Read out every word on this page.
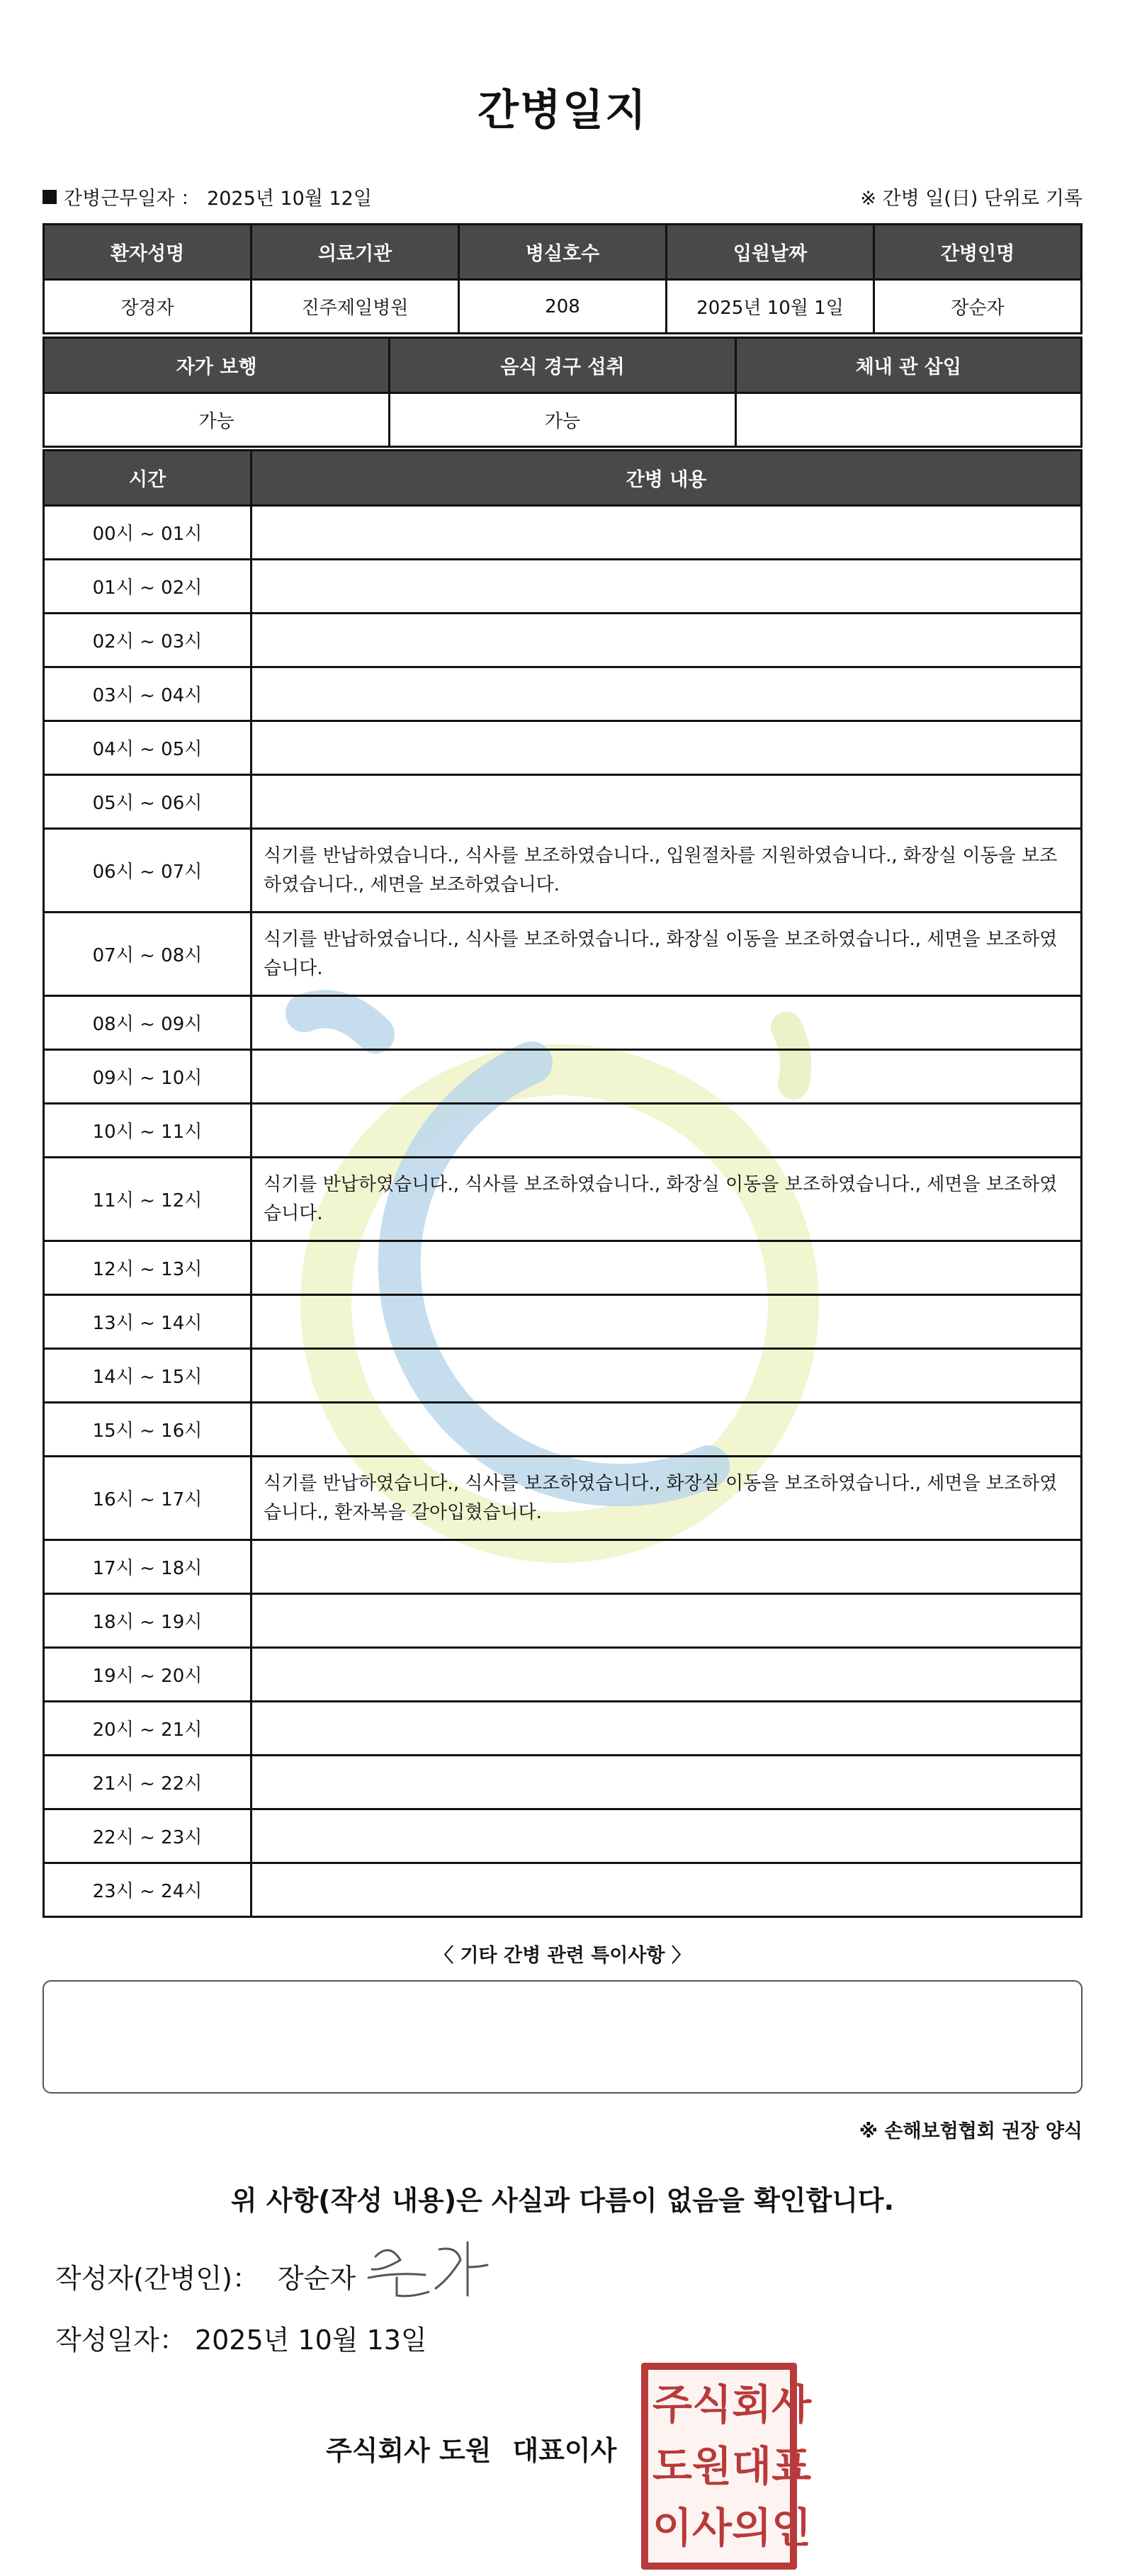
간병일지
간병근무일자 ： 2025년 10월 12일	※ 간병 일(日) 단위로 기록
환자성명	의료기관	병실호수	입원날짜	간병인명
장경자	진주제일병원	208	2025년 10월 1일	장순자
자가 보행	음식 경구 섭취	체내 관 삽입
가능	가능	
시간	간병 내용
00시 ~ 01시	
01시 ~ 02시	
02시 ~ 03시	
03시 ~ 04시	
04시 ~ 05시	
05시 ~ 06시	
06시 ~ 07시	식기를 반납하였습니다., 식사를 보조하였습니다., 입원절차를 지원하였습니다., 화장실 이동을 보조하였습니다., 세면을 보조하였습니다.
07시 ~ 08시	식기를 반납하였습니다., 식사를 보조하였습니다., 화장실 이동을 보조하였습니다., 세면을 보조하였습니다.
08시 ~ 09시	
09시 ~ 10시	
10시 ~ 11시	
11시 ~ 12시	식기를 반납하였습니다., 식사를 보조하였습니다., 화장실 이동을 보조하였습니다., 세면을 보조하였습니다.
12시 ~ 13시	
13시 ~ 14시	
14시 ~ 15시	
15시 ~ 16시	
16시 ~ 17시	식기를 반납하였습니다., 식사를 보조하였습니다., 화장실 이동을 보조하였습니다., 세면을 보조하였습니다., 환자복을 갈아입혔습니다.
17시 ~ 18시	
18시 ~ 19시	
19시 ~ 20시	
20시 ~ 21시	
21시 ~ 22시	
22시 ~ 23시	
23시 ~ 24시	
〈 기타 간병 관련 특이사항 〉
※ 손해보험협회 권장 양식
위 사항(작성 내용)은 사실과 다름이 없음을 확인합니다.
작성자(간병인)： 장순자
작성일자： 2025년 10월 13일
주식회사 도원 대표이사
주 식 회 사
도 원 대 표
이 사 의 인
